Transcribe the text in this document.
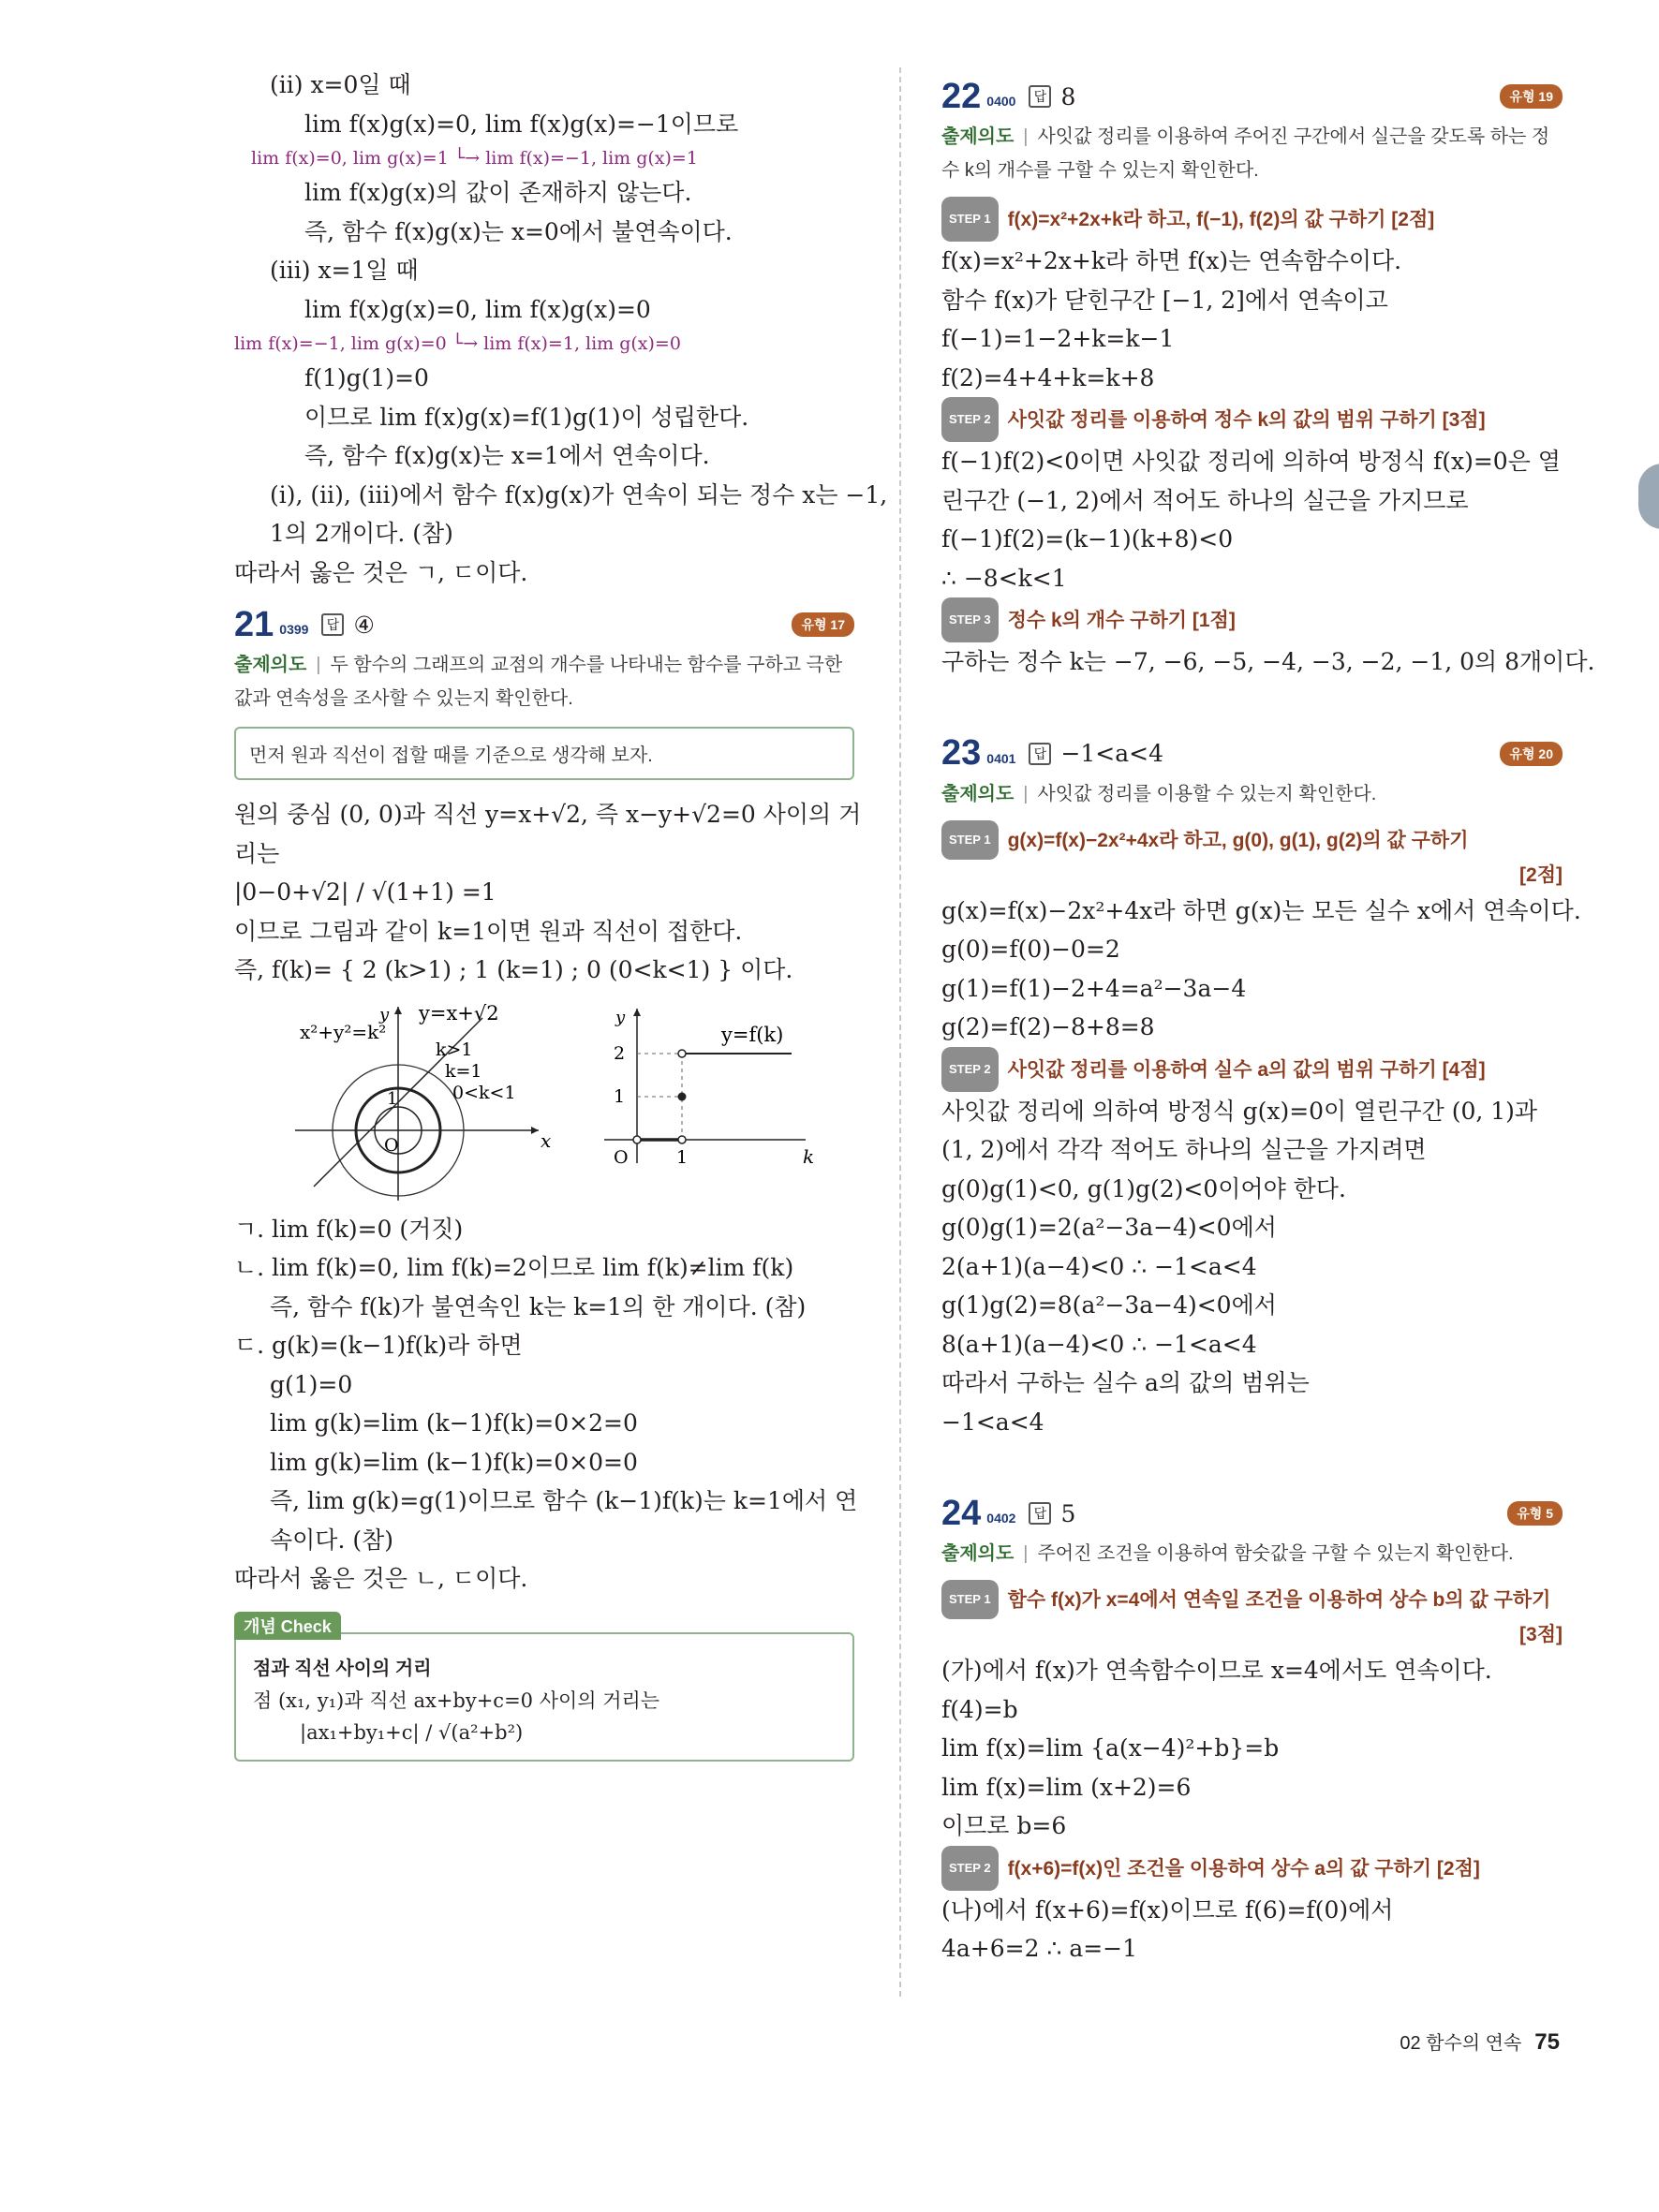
(ⅱ) x=0일 때
lim f(x)g(x)=0, lim f(x)g(x)=−1이므로
lim f(x)=0, lim g(x)=1 └→ lim f(x)=−1, lim g(x)=1
lim f(x)g(x)의 값이 존재하지 않는다.
즉, 함수 f(x)g(x)는 x=0에서 불연속이다.
(ⅲ) x=1일 때
lim f(x)g(x)=0, lim f(x)g(x)=0
lim f(x)=−1, lim g(x)=0 └→ lim f(x)=1, lim g(x)=0
f(1)g(1)=0
이므로 lim f(x)g(x)=f(1)g(1)이 성립한다.
즉, 함수 f(x)g(x)는 x=1에서 연속이다.
(ⅰ), (ⅱ), (ⅲ)에서 함수 f(x)g(x)가 연속이 되는 정수 x는 −1,
1의 2개이다. (참)
따라서 옳은 것은 ㄱ, ㄷ이다.
21 0399	답 ④	유형 17
출제의도 | 두 함수의 그래프의 교점의 개수를 나타내는 함수를 구하고 극한값과 연속성을 조사할 수 있는지 확인한다.
먼저 원과 직선이 접할 때를 기준으로 생각해 보자.
원의 중심 (0, 0)과 직선 y=x+√2, 즉 x−y+√2=0 사이의 거
리는
|0−0+√2| / √(1+1) =1
이므로 그림과 같이 k=1이면 원과 직선이 접한다.
즉, f(k)= { 2 (k>1) ; 1 (k=1) ; 0 (0<k<1) } 이다.
x²+y²=k²
y=x+√2
k>1
k=1
0<k<1
x
y
O
1
y=f(k)
y
2
1
O	1	k
ㄱ. lim f(k)=0 (거짓)
ㄴ. lim f(k)=0, lim f(k)=2이므로 lim f(k)≠lim f(k)
즉, 함수 f(k)가 불연속인 k는 k=1의 한 개이다. (참)
ㄷ. g(k)=(k−1)f(k)라 하면
g(1)=0
lim g(k)=lim (k−1)f(k)=0×2=0
lim g(k)=lim (k−1)f(k)=0×0=0
즉, lim g(k)=g(1)이므로 함수 (k−1)f(k)는 k=1에서 연
속이다. (참)
따라서 옳은 것은 ㄴ, ㄷ이다.
개념 Check
점과 직선 사이의 거리
점 (x₁, y₁)과 직선 ax+by+c=0 사이의 거리는
|ax₁+by₁+c| / √(a²+b²)
22 0400	답 8	유형 19
출제의도 | 사잇값 정리를 이용하여 주어진 구간에서 실근을 갖도록 하는 정수 k의 개수를 구할 수 있는지 확인한다.
STEP 1 f(x)=x²+2x+k라 하고, f(−1), f(2)의 값 구하기 [2점]
f(x)=x²+2x+k라 하면 f(x)는 연속함수이다.
함수 f(x)가 닫힌구간 [−1, 2]에서 연속이고
f(−1)=1−2+k=k−1
f(2)=4+4+k=k+8
STEP 2 사잇값 정리를 이용하여 정수 k의 값의 범위 구하기 [3점]
f(−1)f(2)<0이면 사잇값 정리에 의하여 방정식 f(x)=0은 열
린구간 (−1, 2)에서 적어도 하나의 실근을 가지므로
f(−1)f(2)=(k−1)(k+8)<0
∴ −8<k<1
STEP 3 정수 k의 개수 구하기 [1점]
구하는 정수 k는 −7, −6, −5, −4, −3, −2, −1, 0의 8개이다.
23 0401	답 −1<a<4	유형 20
출제의도 | 사잇값 정리를 이용할 수 있는지 확인한다.
STEP 1 g(x)=f(x)−2x²+4x라 하고, g(0), g(1), g(2)의 값 구하기
[2점]
g(x)=f(x)−2x²+4x라 하면 g(x)는 모든 실수 x에서 연속이다.
g(0)=f(0)−0=2
g(1)=f(1)−2+4=a²−3a−4
g(2)=f(2)−8+8=8
STEP 2 사잇값 정리를 이용하여 실수 a의 값의 범위 구하기 [4점]
사잇값 정리에 의하여 방정식 g(x)=0이 열린구간 (0, 1)과
(1, 2)에서 각각 적어도 하나의 실근을 가지려면
g(0)g(1)<0, g(1)g(2)<0이어야 한다.
g(0)g(1)=2(a²−3a−4)<0에서
2(a+1)(a−4)<0 ∴ −1<a<4
g(1)g(2)=8(a²−3a−4)<0에서
8(a+1)(a−4)<0 ∴ −1<a<4
따라서 구하는 실수 a의 값의 범위는
−1<a<4
24 0402	답 5	유형 5
출제의도 | 주어진 조건을 이용하여 함숫값을 구할 수 있는지 확인한다.
STEP 1 함수 f(x)가 x=4에서 연속일 조건을 이용하여 상수 b의 값 구하기
[3점]
(가)에서 f(x)가 연속함수이므로 x=4에서도 연속이다.
f(4)=b
lim f(x)=lim {a(x−4)²+b}=b
lim f(x)=lim (x+2)=6
이므로 b=6
STEP 2 f(x+6)=f(x)인 조건을 이용하여 상수 a의 값 구하기 [2점]
(나)에서 f(x+6)=f(x)이므로 f(6)=f(0)에서
4a+6=2 ∴ a=−1
02 함수의 연속 75
